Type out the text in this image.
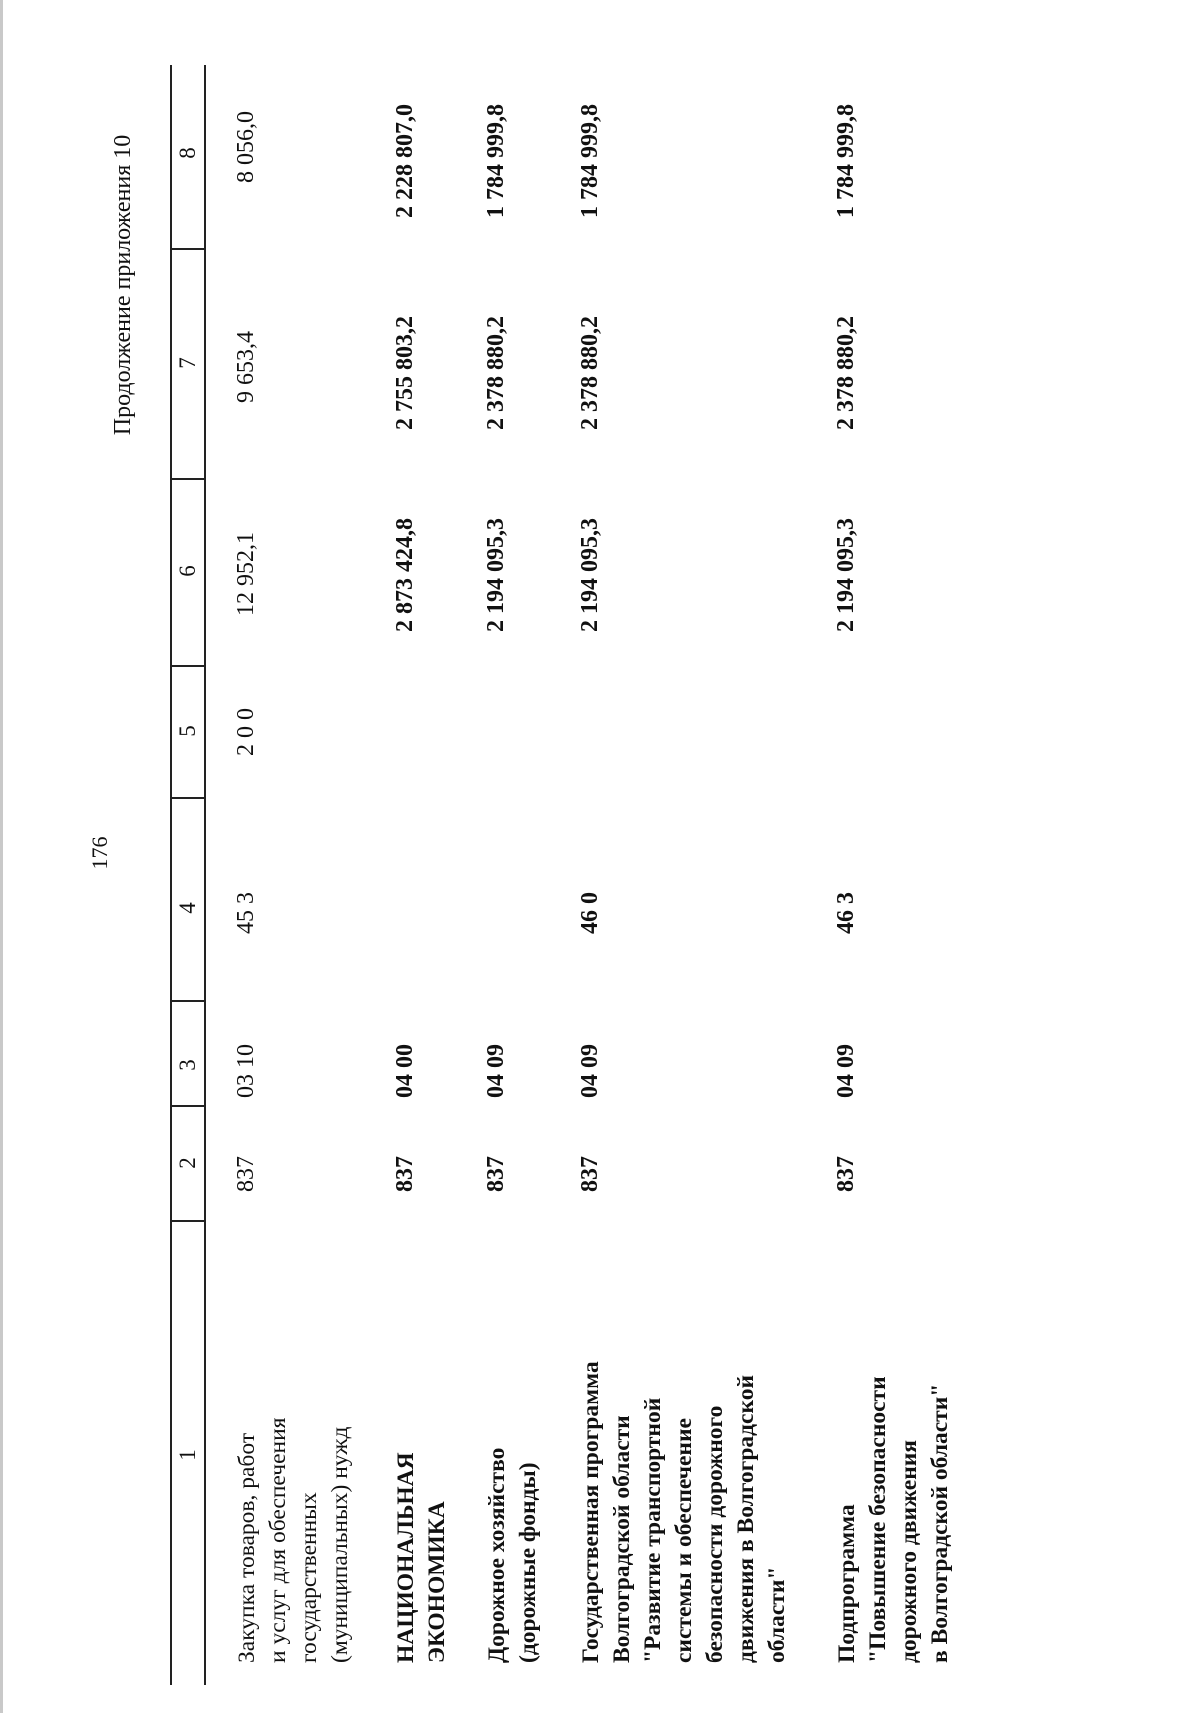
176
Продолжение приложения 10
1
2
3
4
5
6
7
8
Закупка товаров, работ и услуг для обеспечения государственных (муниципальных) нужд
837
03 10
45 3
2 0 0
12 952,1
9 653,4
8 056,0
НАЦИОНАЛЬНАЯ ЭКОНОМИКА
837
04 00
2 873 424,8
2 755 803,2
2 228 807,0
Дорожное хозяйство (дорожные фонды)
837
04 09
2 194 095,3
2 378 880,2
1 784 999,8
Государственная программа Волгоградской области "Развитие транспортной системы и обеспечение безопасности дорожного движения в Волгоградской области"
837
04 09
46 0
2 194 095,3
2 378 880,2
1 784 999,8
Подпрограмма "Повышение безопасности дорожного движения в Волгоградской области"
837
04 09
46 3
2 194 095,3
2 378 880,2
1 784 999,8
